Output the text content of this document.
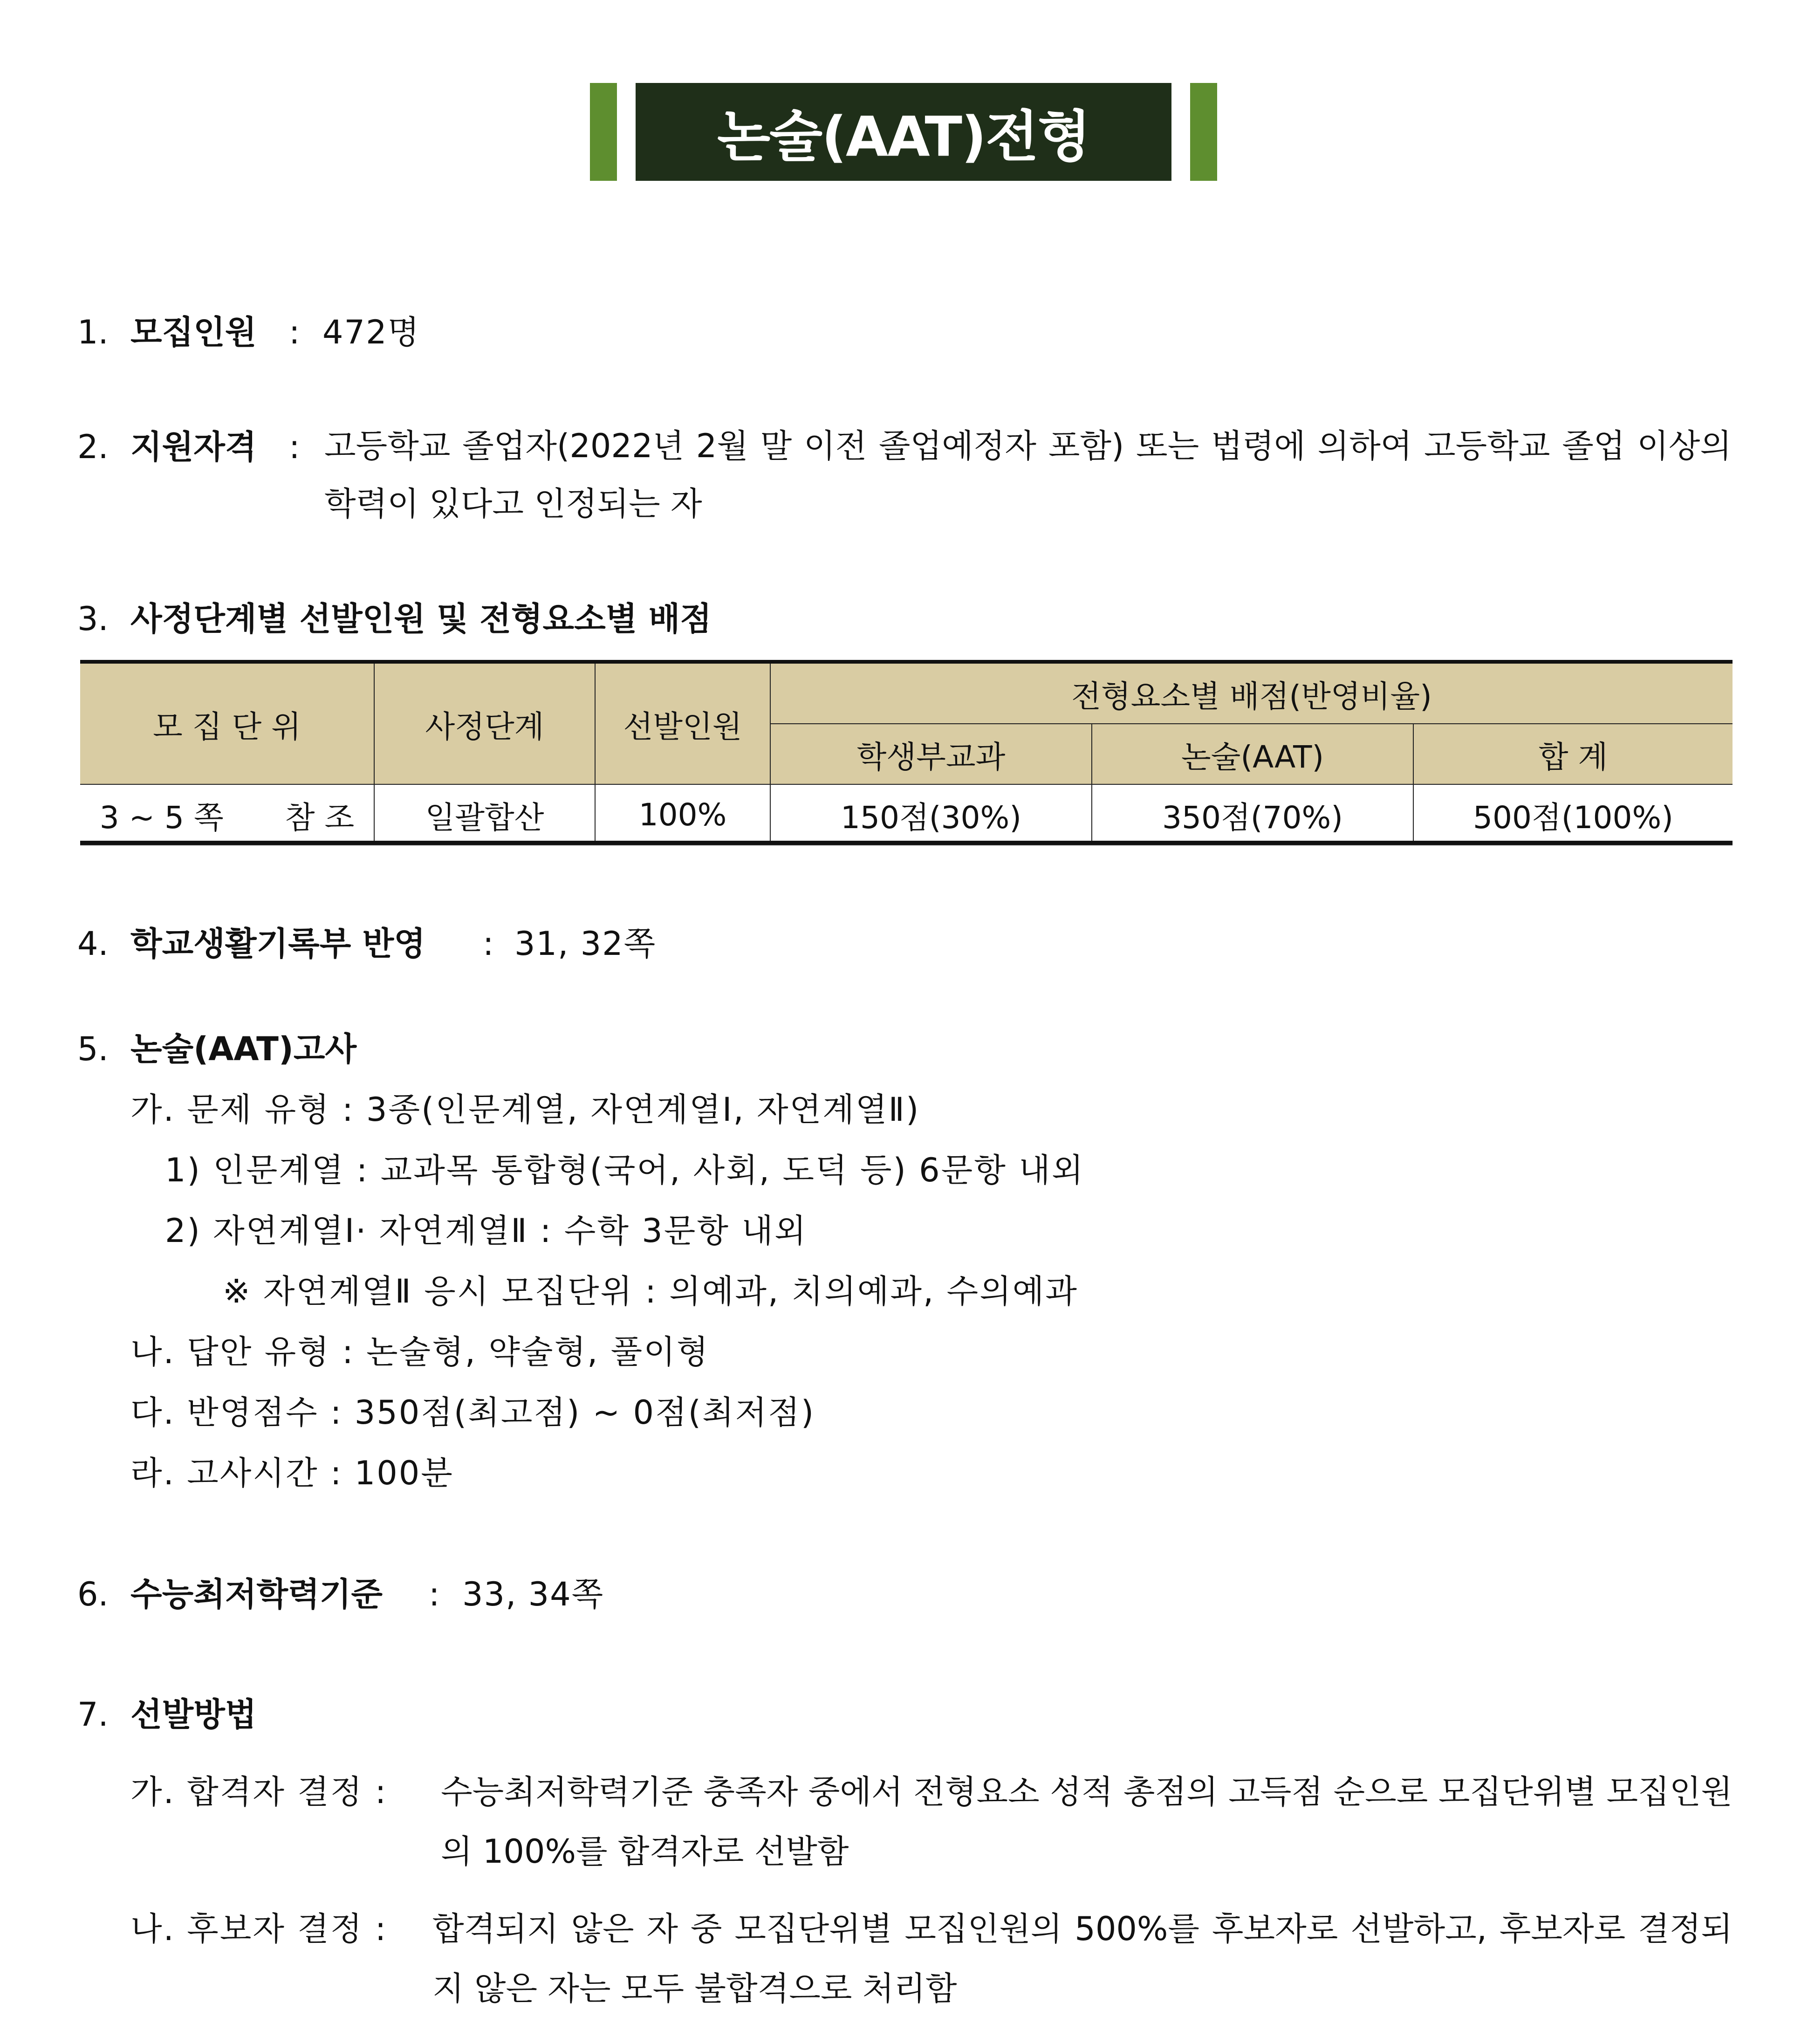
논술(AAT)전형
1. 모집인원 : 472명
2. 지원자격 : 고등학교 졸업자(2022년 2월 말 이전 졸업예정자 포함) 또는 법령에 의하여 고등학교 졸업 이상의 학력이 있다고 인정되는 자
3. 사정단계별 선발인원 및 전형요소별 배점
모 집 단 위	사정단계	선발인원	전형요소별 배점(반영비율)		
			학생부교과	논술(AAT)	합 계
3 ~ 5 쪽　　참 조	일괄합산	100%	150점(30%)	350점(70%)	500점(100%)
4. 학교생활기록부 반영 : 31, 32쪽
5. 논술(AAT)고사
가. 문제 유형 : 3종(인문계열, 자연계열Ⅰ, 자연계열Ⅱ)
1) 인문계열 : 교과목 통합형(국어, 사회, 도덕 등) 6문항 내외
2) 자연계열Ⅰ· 자연계열Ⅱ : 수학 3문항 내외
※ 자연계열Ⅱ 응시 모집단위 : 의예과, 치의예과, 수의예과
나. 답안 유형 : 논술형, 약술형, 풀이형
다. 반영점수 : 350점(최고점) ~ 0점(최저점)
라. 고사시간 : 100분
6. 수능최저학력기준 : 33, 34쪽
7. 선발방법
가. 합격자 결정 : 수능최저학력기준 충족자 중에서 전형요소 성적 총점의 고득점 순으로 모집단위별 모집인원의 100%를 합격자로 선발함
나. 후보자 결정 : 합격되지 않은 자 중 모집단위별 모집인원의 500%를 후보자로 선발하고, 후보자로 결정되지 않은 자는 모두 불합격으로 처리함
